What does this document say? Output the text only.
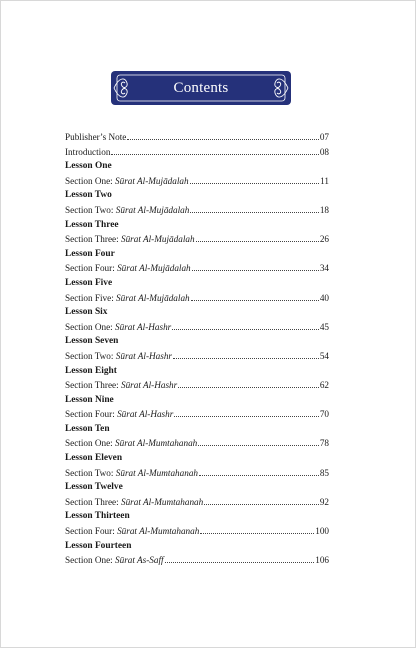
Contents
Publisher’s Note	07
Introduction	08
Lesson One
Section One: Sūrat Al-Mujādalah	11
Lesson Two
Section Two: Sūrat Al-Mujādalah	18
Lesson Three
Section Three: Sūrat Al-Mujādalah	26
Lesson Four
Section Four: Sūrat Al-Mujādalah	34
Lesson Five
Section Five: Sūrat Al-Mujādalah	40
Lesson Six
Section One: Sūrat Al-Hashr	45
Lesson Seven
Section Two: Sūrat Al-Hashr	54
Lesson Eight
Section Three: Sūrat Al-Hashr	62
Lesson Nine
Section Four: Sūrat Al-Hashr	70
Lesson Ten
Section One: Sūrat Al-Mumtahanah	78
Lesson Eleven
Section Two: Sūrat Al-Mumtahanah	85
Lesson Twelve
Section Three: Sūrat Al-Mumtahanah	92
Lesson Thirteen
Section Four: Sūrat Al-Mumtahanah	100
Lesson Fourteen
Section One: Sūrat As-Saff	106
